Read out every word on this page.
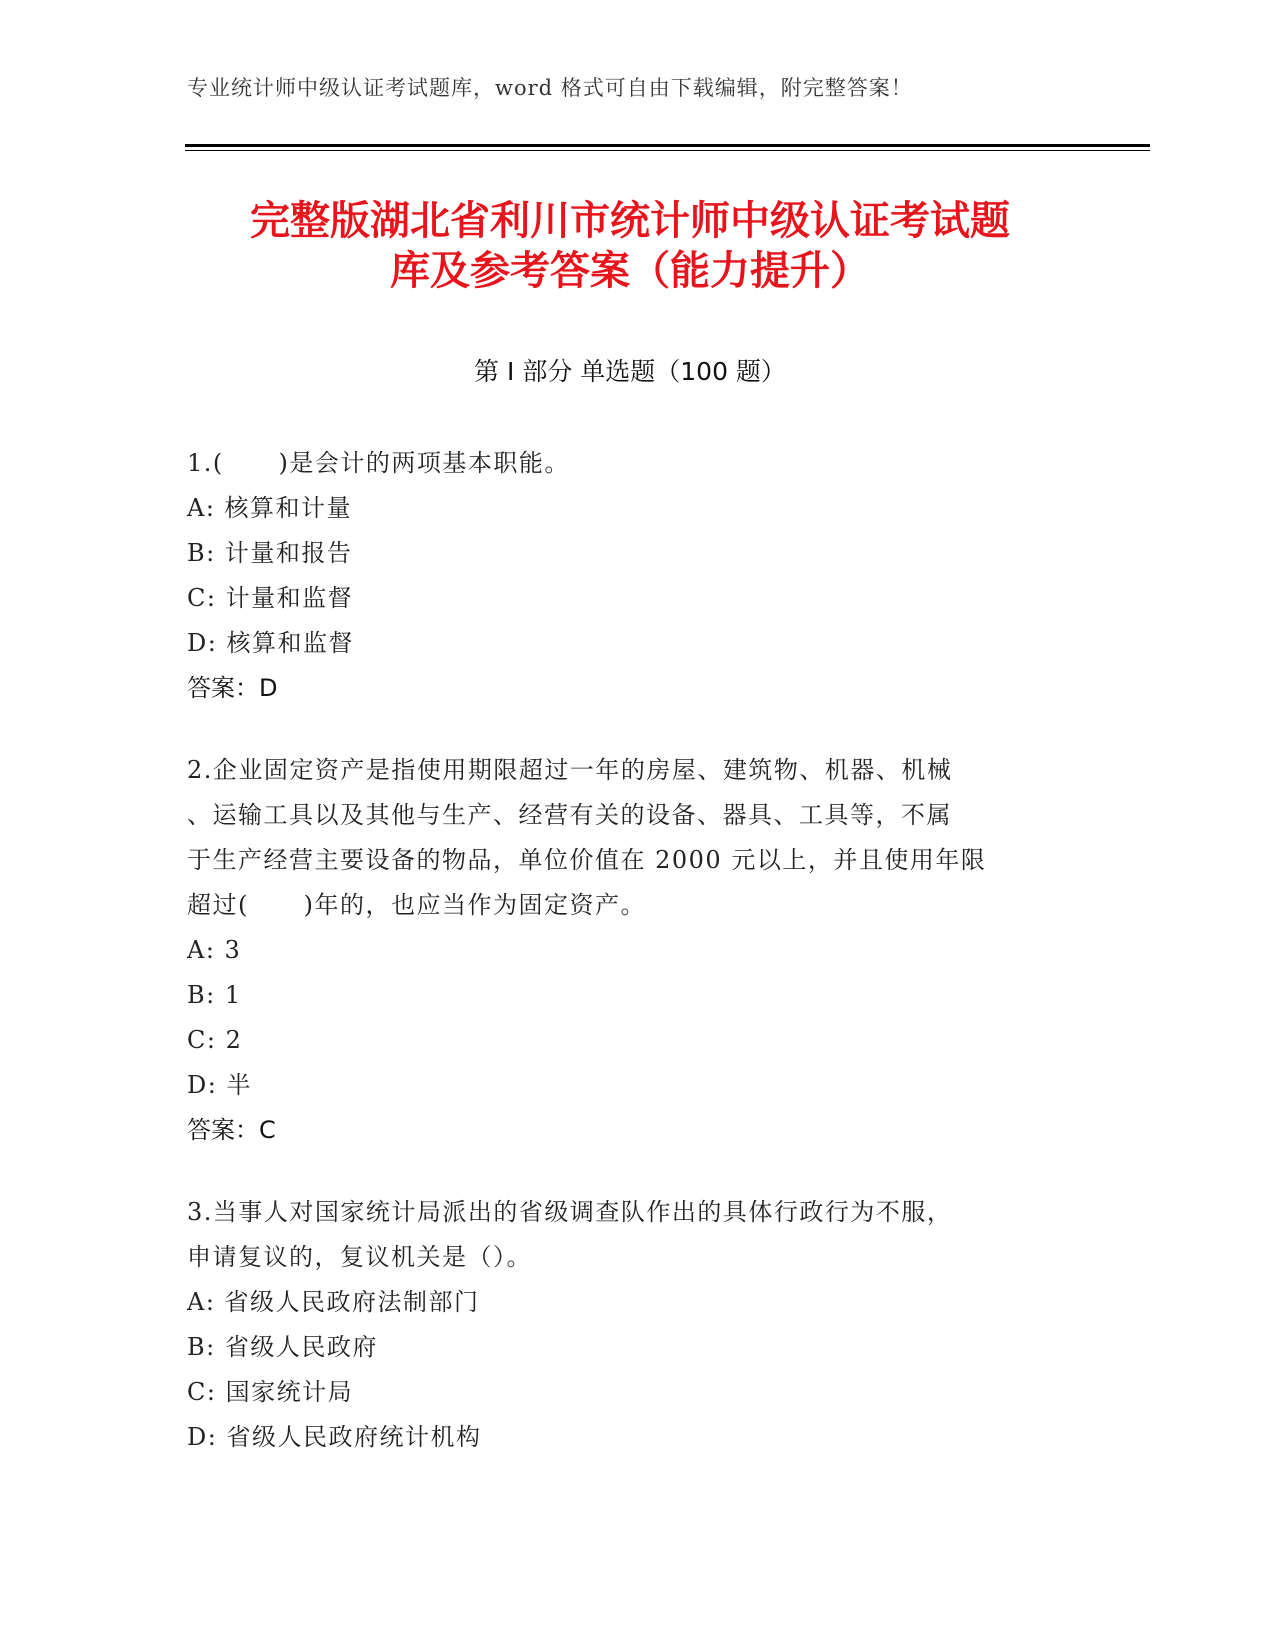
专业统计师中级认证考试题库，word 格式可自由下载编辑，附完整答案！
完整版湖北省利川市统计师中级认证考试题
库及参考答案（能力提升）
第 I 部分 单选题（100 题）
1.(      )是会计的两项基本职能。
A: 核算和计量
B: 计量和报告
C: 计量和监督
D: 核算和监督
答案：D
2.企业固定资产是指使用期限超过一年的房屋、建筑物、机器、机械
、运输工具以及其他与生产、经营有关的设备、器具、工具等，不属
于生产经营主要设备的物品，单位价值在 2000 元以上，并且使用年限
超过(      )年的，也应当作为固定资产。
A: 3
B: 1
C: 2
D: 半
答案：C
3.当事人对国家统计局派出的省级调查队作出的具体行政行为不服，
申请复议的，复议机关是（）。
A: 省级人民政府法制部门
B: 省级人民政府
C: 国家统计局
D: 省级人民政府统计机构
